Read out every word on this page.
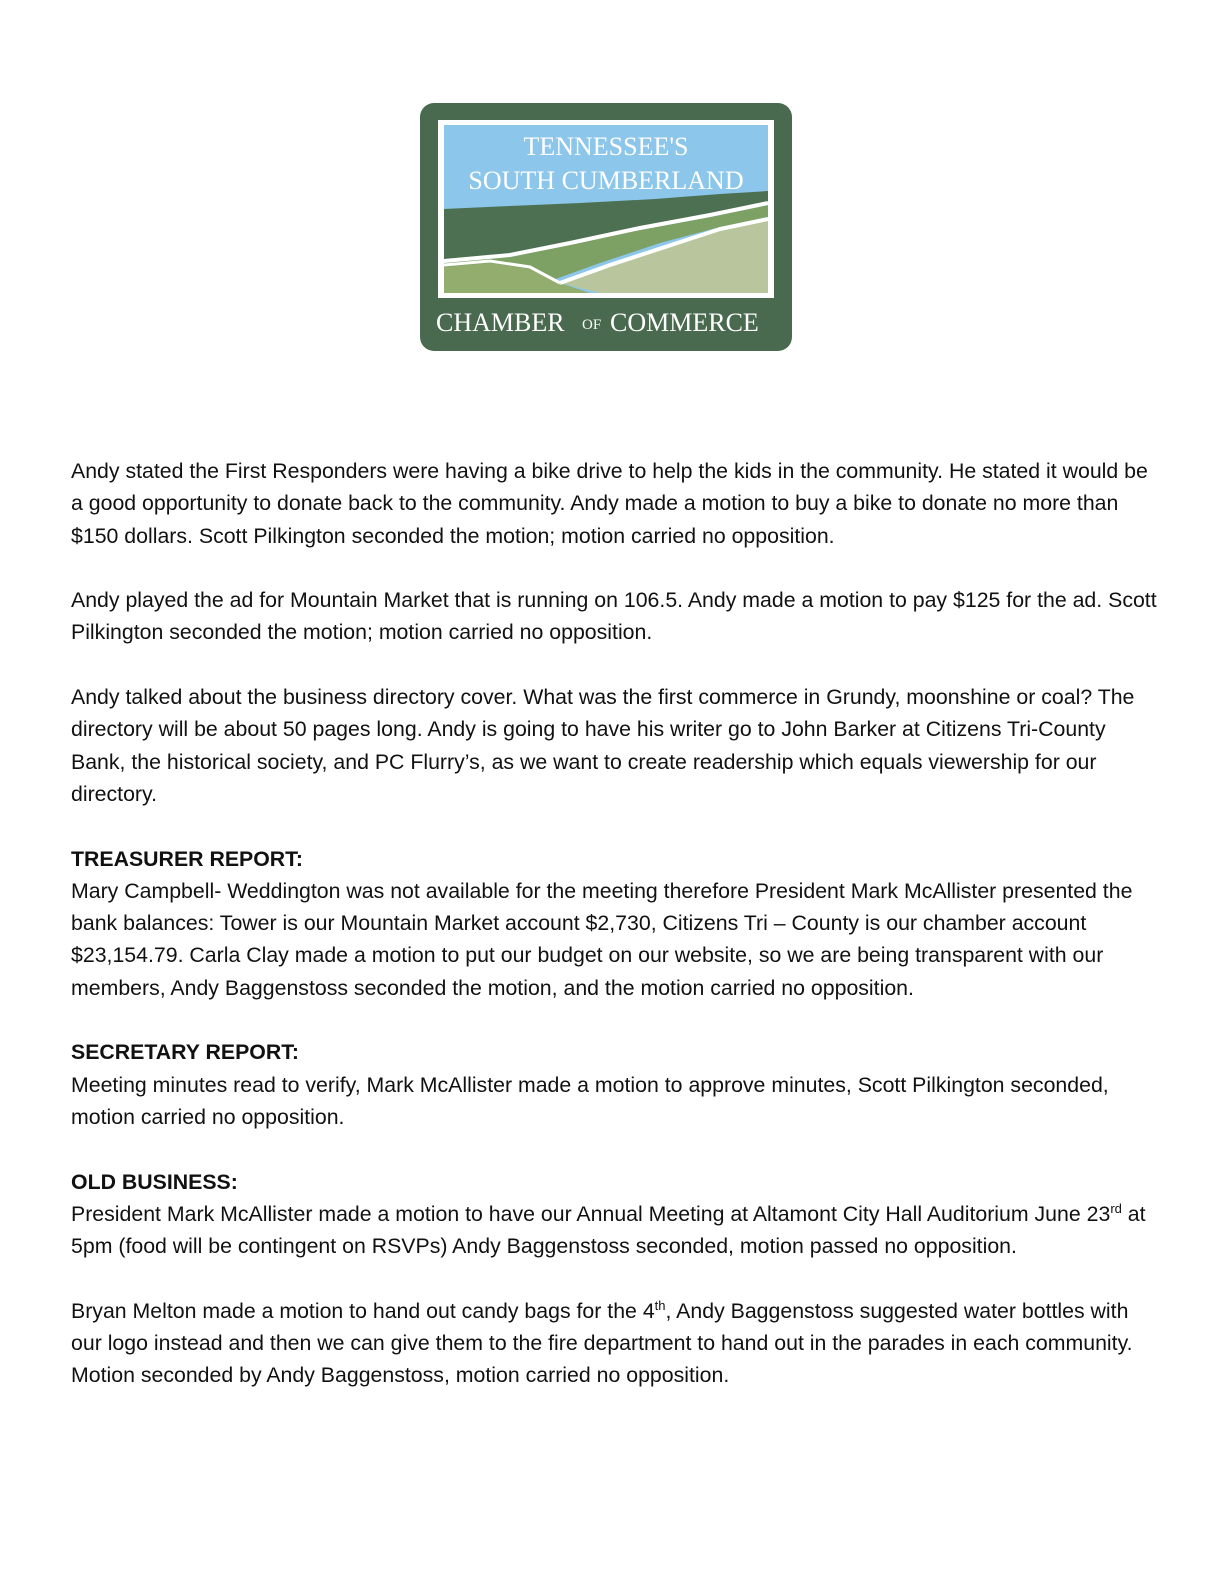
TENNESSEE'S
SOUTH CUMBERLAND
CHAMBER OF COMMERCE

Andy stated the First Responders were having a bike drive to help the kids in the community. He stated it would be a good opportunity to donate back to the community. Andy made a motion to buy a bike to donate no more than $150 dollars. Scott Pilkington seconded the motion; motion carried no opposition.

Andy played the ad for Mountain Market that is running on 106.5. Andy made a motion to pay $125 for the ad. Scott Pilkington seconded the motion; motion carried no opposition.

Andy talked about the business directory cover. What was the first commerce in Grundy, moonshine or coal? The directory will be about 50 pages long. Andy is going to have his writer go to John Barker at Citizens Tri-County Bank, the historical society, and PC Flurry’s, as we want to create readership which equals viewership for our directory.

TREASURER REPORT:
Mary Campbell- Weddington was not available for the meeting therefore President Mark McAllister presented the bank balances: Tower is our Mountain Market account $2,730, Citizens Tri – County is our chamber account $23,154.79. Carla Clay made a motion to put our budget on our website, so we are being transparent with our members, Andy Baggenstoss seconded the motion, and the motion carried no opposition.

SECRETARY REPORT:
Meeting minutes read to verify, Mark McAllister made a motion to approve minutes, Scott Pilkington seconded, motion carried no opposition.

OLD BUSINESS:
President Mark McAllister made a motion to have our Annual Meeting at Altamont City Hall Auditorium June 23rd at 5pm (food will be contingent on RSVPs) Andy Baggenstoss seconded, motion passed no opposition.

Bryan Melton made a motion to hand out candy bags for the 4th, Andy Baggenstoss suggested water bottles with our logo instead and then we can give them to the fire department to hand out in the parades in each community. Motion seconded by Andy Baggenstoss, motion carried no opposition.
